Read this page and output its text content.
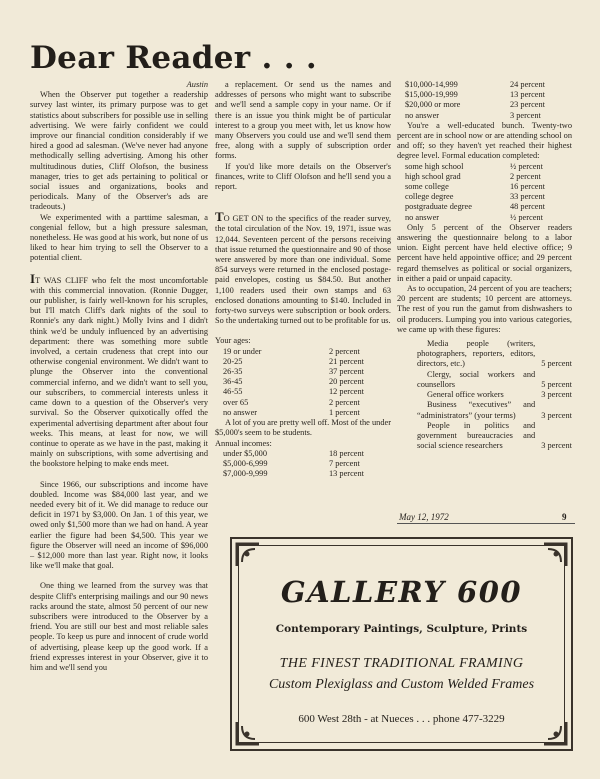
Dear Reader . . .

Austin

When the Observer put together a readership survey last winter, its primary purpose was to get statistics about subscribers for possible use in selling advertising. We were fairly confident we could improve our financial condition considerably if we hired a good ad salesman. (We've never had anyone methodically selling advertising. Among his other multitudinous duties, Cliff Olofson, the business manager, tries to get ads pertaining to political or social issues and organizations, books and periodicals. Many of the Observer's ads are tradeouts.)

We experimented with a parttime salesman, a congenial fellow, but a high pressure salesman, nonetheless. He was good at his work, but none of us liked to hear him trying to sell the Observer to a potential client.

IT WAS CLIFF who felt the most uncomfortable with this commercial innovation. (Ronnie Dugger, our publisher, is fairly well-known for his scruples, but I'll match Cliff's dark nights of the soul to Ronnie's any dark night.) Molly Ivins and I didn't think we'd be unduly influenced by an advertising department: there was something more subtle involved, a certain crudeness that crept into our otherwise congenial environment. We didn't want to plunge the Observer into the conventional commercial inferno, and we didn't want to sell you, our subscribers, to commercial interests unless it came down to a question of the Observer's very survival. So the Observer quixotically offed the experimental advertising department after about four weeks. This means, at least for now, we will continue to operate as we have in the past, making it mainly on subscriptions, with some advertising and the bookstore helping to make ends meet.

Since 1966, our subscriptions and income have doubled. Income was $84,000 last year, and we needed every bit of it. We did manage to reduce our deficit in 1971 by $3,000. On Jan. 1 of this year, we owed only $1,500 more than we had on hand. A year earlier the figure had been $4,500. This year we figure the Observer will need an income of $96,000 – $12,000 more than last year. Right now, it looks like we'll make that goal.

One thing we learned from the survey was that despite Cliff's enterprising mailings and our 90 news racks around the state, almost 50 percent of our new subscribers were introduced to the Observer by a friend. You are still our best and most reliable sales people. To keep us pure and innocent of crude world of advertising, please keep up the good work. If a friend expresses interest in your Observer, give it to him and we'll send you

a replacement. Or send us the names and addresses of persons who might want to subscribe and we'll send a sample copy in your name. Or if there is an issue you think might be of particular interest to a group you meet with, let us know how many Observers you could use and we'll send them free, along with a supply of subscription order forms.

If you'd like more details on the Observer's finances, write to Cliff Olofson and he'll send you a report.

TO GET ON to the specifics of the reader survey, the total circulation of the Nov. 19, 1971, issue was 12,044. Seventeen percent of the persons receiving that issue returned the questionnaire and 90 of those were answered by more than one individual. Some 854 surveys were returned in the enclosed postage-paid envelopes, costing us $84.50. But another 1,100 readers used their own stamps and 63 enclosed donations amounting to $140. Included in forty-two surveys were subscription or book orders. So the undertaking turned out to be profitable for us.

Your ages:

19 or under	2 percent
20-25	21 percent
26-35	37 percent
36-45	20 percent
46-55	12 percent
over 65	2 percent
no answer	1 percent

A lot of you are pretty well off. Most of the under $5,000's seem to be students.

Annual incomes:

under $5,000	18 percent
$5,000-6,999	7 percent
$7,000-9,999	13 percent
$10,000-14,999	24 percent
$15,000-19,999	13 percent
$20,000 or more	23 percent
no answer	3 percent

You're a well-educated bunch. Twenty-two percent are in school now or are attending school on and off; so they haven't yet reached their highest degree level. Formal education completed:

some high school	½ percent
high school grad	2 percent
some college	16 percent
college degree	33 percent
postgraduate degree	48 percent
no answer	½ percent

Only 5 percent of the Observer readers answering the questionnaire belong to a labor union. Eight percent have held elective office; 9 percent have held appointive office; and 29 percent regard themselves as political or social organizers, in either a paid or unpaid capacity.

As to occupation, 24 percent of you are teachers; 20 percent are students; 10 percent are attorneys. The rest of you run the gamut from dishwashers to oil producers. Lumping you into various categories, we came up with these figures:

Media people (writers, photographers, reporters, editors, directors, etc.)	5 percent
Clergy, social workers and counsellors	5 percent
General office workers	3 percent
Business “executives” and “administrators” (your terms)	3 percent
People in politics and government bureaucracies and social science researchers	3 percent
May 12, 1972	9
GALLERY 600
Contemporary Paintings, Sculpture, Prints
THE FINEST TRADITIONAL FRAMING
Custom Plexiglass and Custom Welded Frames
600 West 28th - at Nueces . . . phone 477-3229
